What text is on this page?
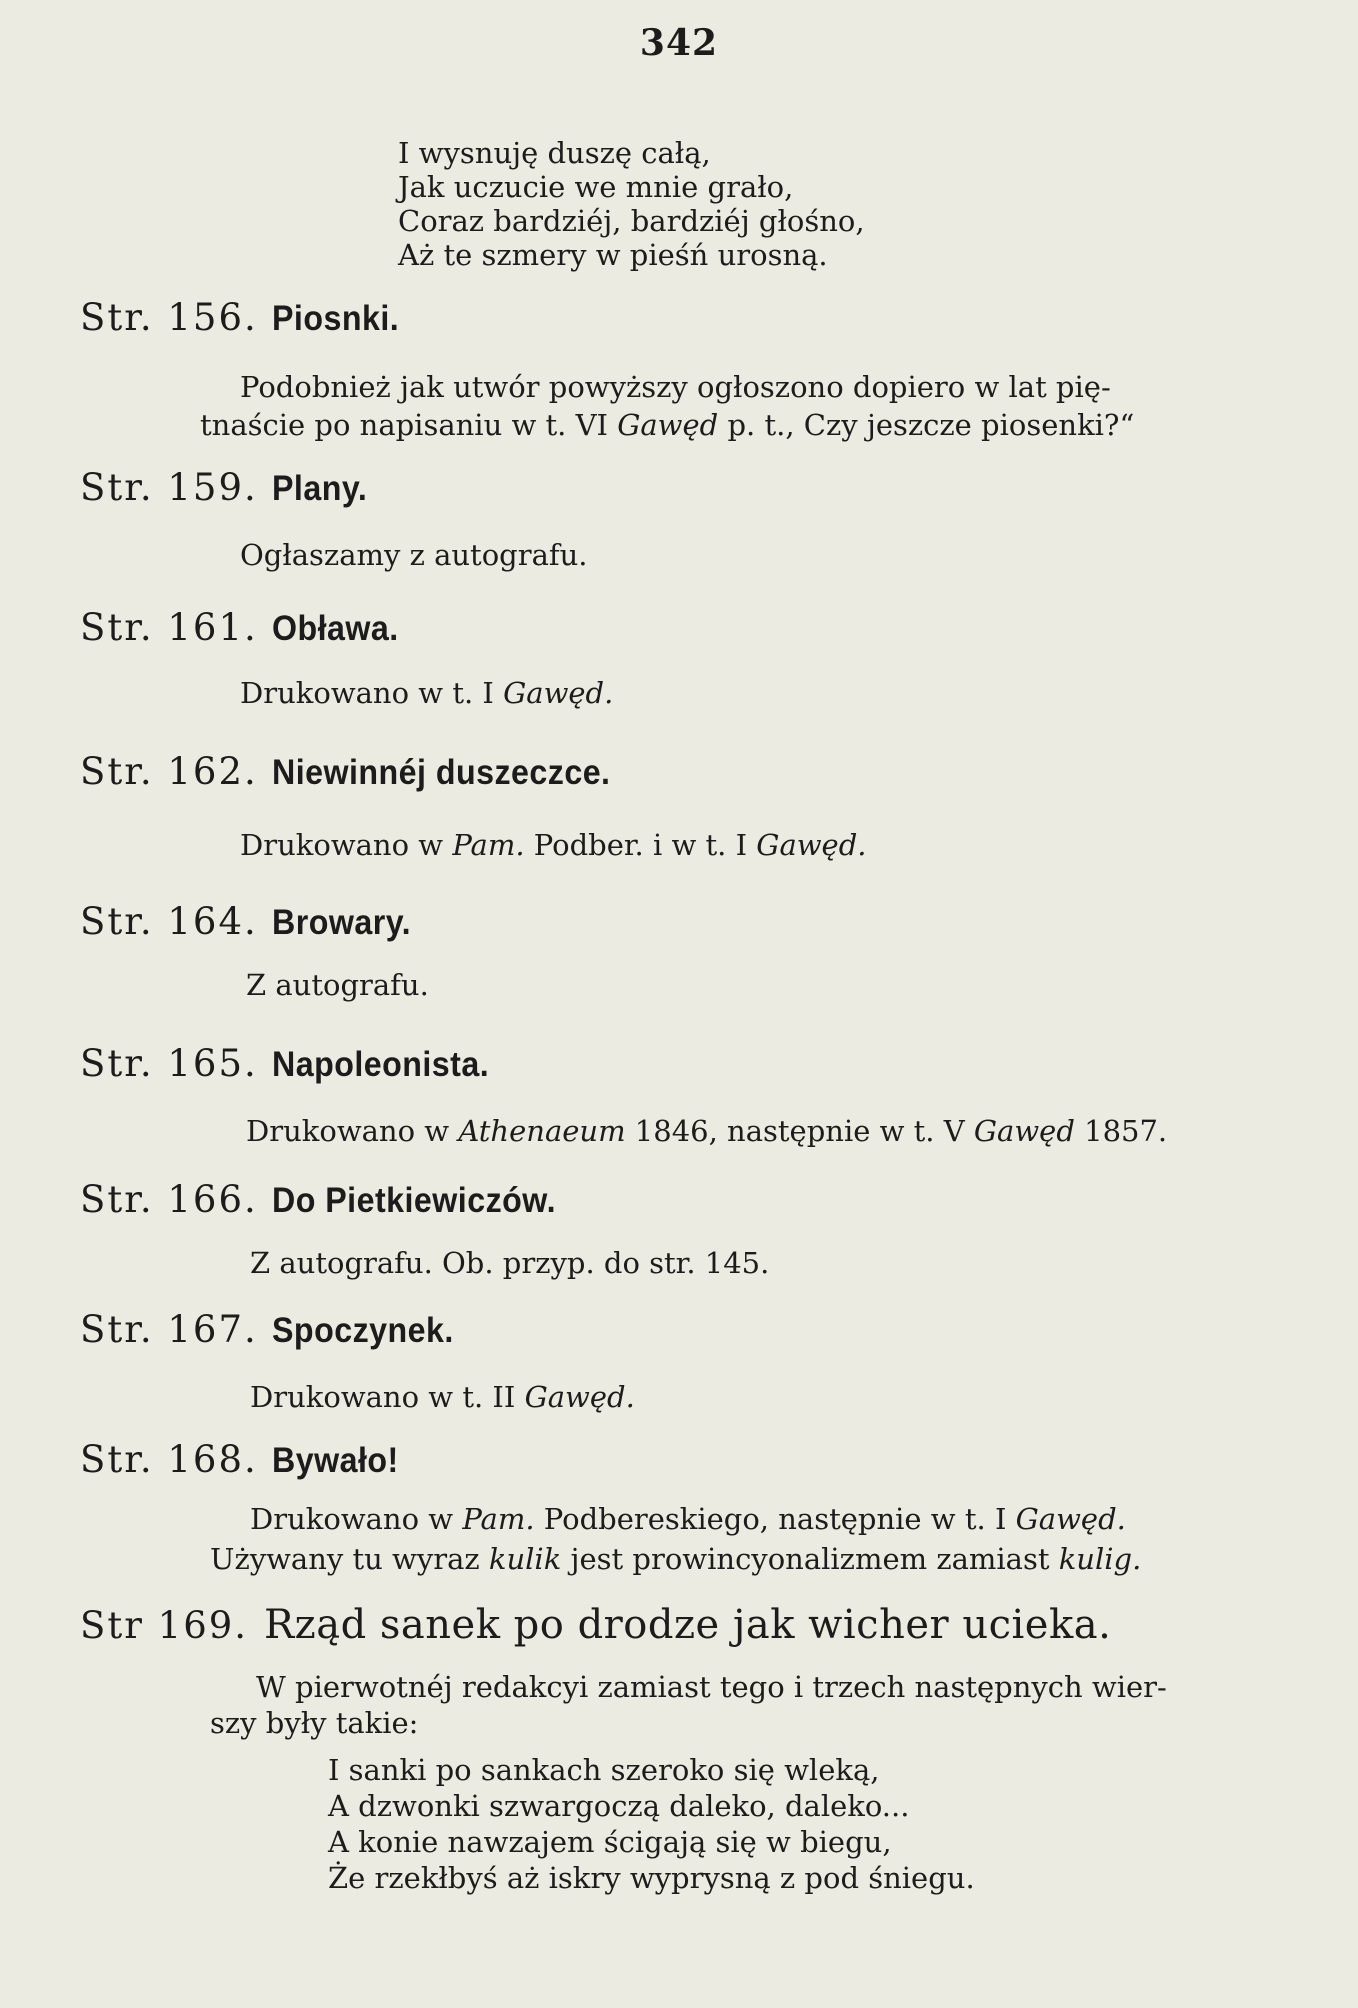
342
I wysnuję duszę całą,
Jak uczucie we mnie grało,
Coraz bardziéj, bardziéj głośno,
Aż te szmery w pieśń urosną.
Str. 156. Piosnki.
Podobnież jak utwór powyższy ogłoszono dopiero w lat pię-
tnaście po napisaniu w t. VI Gawęd p. t., Czy jeszcze piosenki?“
Str. 159. Plany.
Ogłaszamy z autografu.
Str. 161. Obława.
Drukowano w t. I Gawęd.
Str. 162. Niewinnéj duszeczce.
Drukowano w Pam. Podber. i w t. I Gawęd.
Str. 164. Browary.
Z autografu.
Str. 165. Napoleonista.
Drukowano w Athenaeum 1846, następnie w t. V Gawęd 1857.
Str. 166. Do Pietkiewiczów.
Z autografu. Ob. przyp. do str. 145.
Str. 167. Spoczynek.
Drukowano w t. II Gawęd.
Str. 168. Bywało!
Drukowano w Pam. Podbereskiego, następnie w t. I Gawęd.
Używany tu wyraz kulik jest prowincyonalizmem zamiast kulig.
Str 169. Rząd sanek po drodze jak wicher ucieka.
W pierwotnéj redakcyi zamiast tego i trzech następnych wier-
szy były takie:
I sanki po sankach szeroko się wleką,
A dzwonki szwargoczą daleko, daleko...
A konie nawzajem ścigają się w biegu,
Że rzekłbyś aż iskry wyprysną z pod śniegu.
